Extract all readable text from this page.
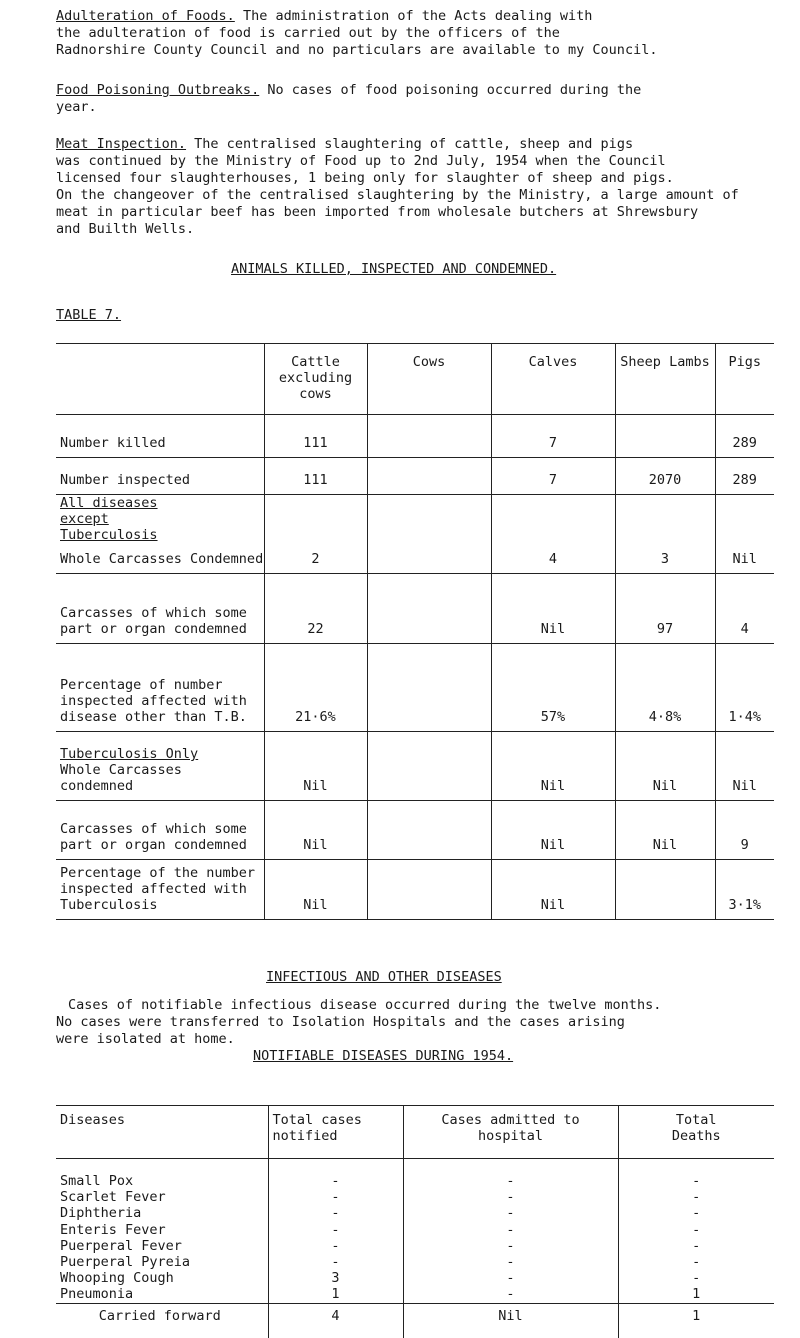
Adulteration of Foods. The administration of the Acts dealing with

the adulteration of food is carried out by the officers of the

Radnorshire County Council and no particulars are available to my Council.

Food Poisoning Outbreaks. No cases of food poisoning occurred during the

year.

Meat Inspection. The centralised slaughtering of cattle, sheep and pigs

was continued by the Ministry of Food up to 2nd July, 1954 when the Council

licensed four slaughterhouses, 1 being only for slaughter of sheep and pigs.

On the changeover of the centralised slaughtering by the Ministry, a large amount of

meat in particular beef has been imported from wholesale butchers at Shrewsbury

and Builth Wells.

ANIMALS KILLED, INSPECTED AND CONDEMNED.
TABLE 7.
	Cattle excluding cows	Cows	Calves	Sheep Lambs	Pigs
Number killed	111		7		289
Number inspected	111		7	2070	289

All diseases except Tuberculosis
Whole Carcasses Condemned	2		4	3	Nil
Carcasses of which some part or organ condemned	22		Nil	97	4
Percentage of number inspected affected with disease other than T.B.	21·6%		57%	4·8%	1·4%

Tuberculosis Only
Whole Carcasses condemned	Nil		Nil	Nil	Nil
Carcasses of which some part or organ condemned	Nil		Nil	Nil	9
Percentage of the number inspected affected with Tuberculosis	Nil		Nil		3·1%
INFECTIOUS AND OTHER DISEASES

Cases of notifiable infectious disease occurred during the twelve months.

No cases were transferred to Isolation Hospitals and the cases arising

were isolated at home.

NOTIFIABLE DISEASES DURING 1954.
Diseases	Total cases notified	Cases admitted to hospital	Total Deaths

Small Pox	-	-	-
Scarlet Fever	-	-	-
Diphtheria	-	-	-
Enteris Fever	-	-	-
Puerperal Fever	-	-	-
Puerperal Pyreia	-	-	-
Whooping Cough	3	-	-
Pneumonia	1	-	1
Carried forward	4	Nil	1
